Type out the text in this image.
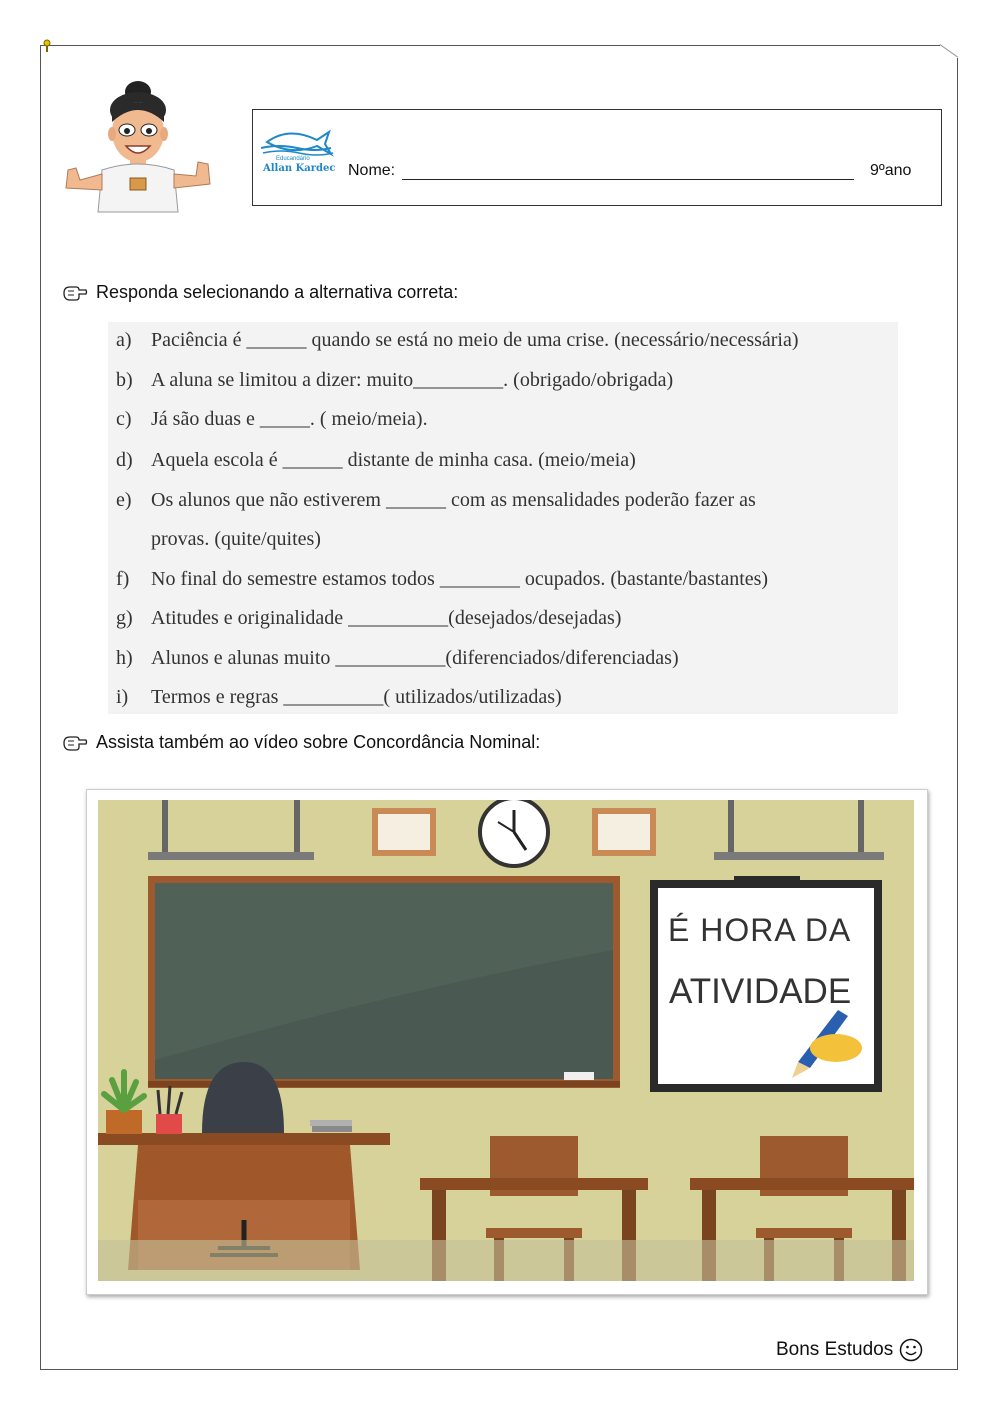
Educandário
Allan Kardec Nome:	9ºano
Responda selecionando a alternativa correta:
a) Paciência é ______ quando se está no meio de uma crise. (necessário/necessária)
b) A aluna se limitou a dizer: muito_________. (obrigado/obrigada)
c) Já são duas e _____. ( meio/meia).
d) Aquela escola é ______ distante de minha casa. (meio/meia)
e) Os alunos que não estiverem ______ com as mensalidades poderão fazer as
provas. (quite/quites)
f) No final do semestre estamos todos ________ ocupados. (bastante/bastantes)
g) Atitudes e originalidade __________(desejados/desejadas)
h) Alunos e alunas muito ___________(diferenciados/diferenciadas)
i) Termos e regras __________( utilizados/utilizadas)
Assista também ao vídeo sobre Concordância Nominal:
É HORA DA
ATIVIDADE
Bons Estudos
